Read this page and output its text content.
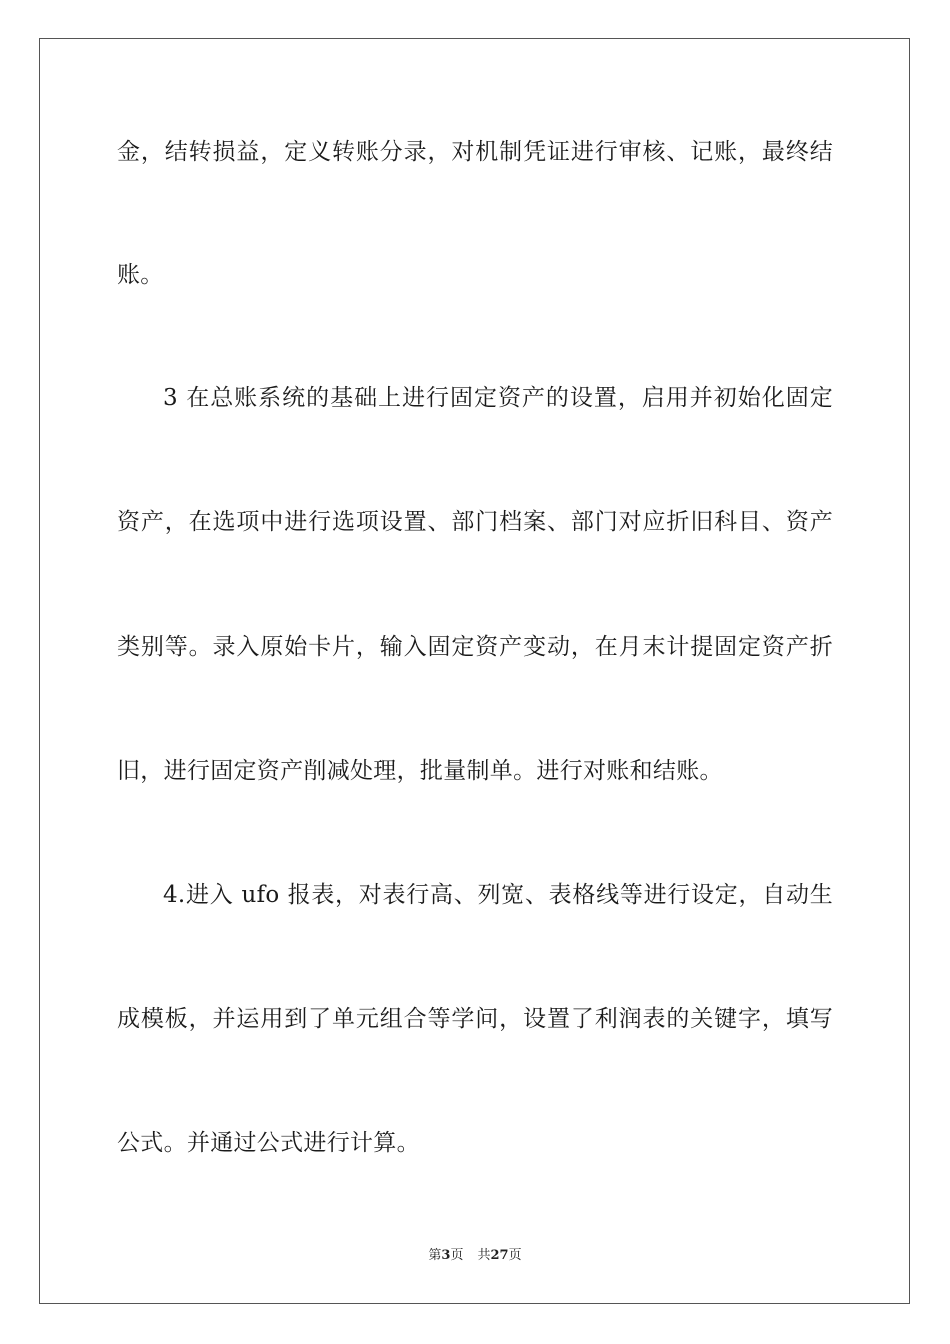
金，结转损益，定义转账分录，对机制凭证进行审核、记账，最终结
账。
3 在总账系统的基础上进行固定资产的设置，启用并初始化固定
资产，在选项中进行选项设置、部门档案、部门对应折旧科目、资产
类别等。录入原始卡片，输入固定资产变动，在月末计提固定资产折
旧，进行固定资产削减处理，批量制单。进行对账和结账。
4.进入 ufo 报表，对表行高、列宽、表格线等进行设定，自动生
成模板，并运用到了单元组合等学问，设置了利润表的关键字，填写
公式。并通过公式进行计算。
第3页 共27页
